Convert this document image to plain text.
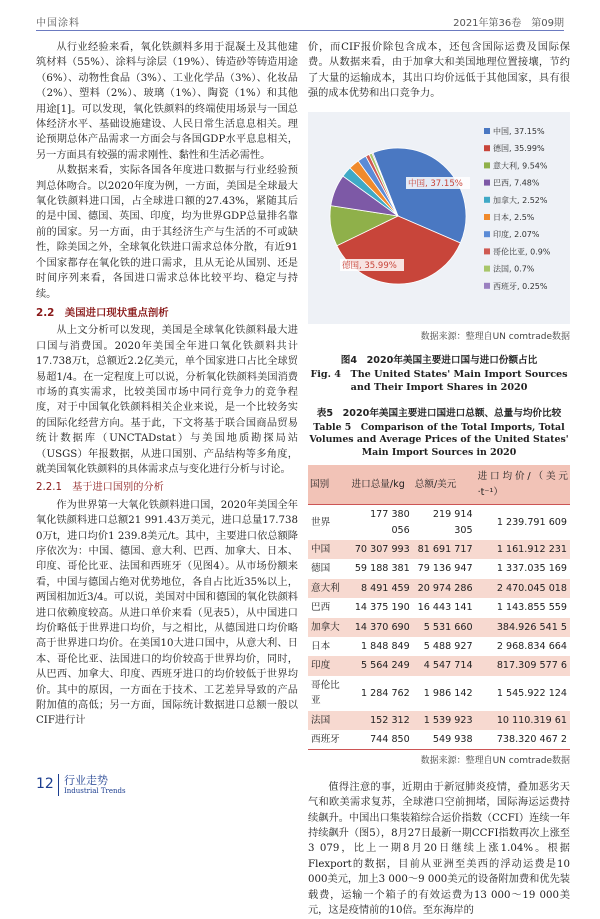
中国涂料	2021年第36卷　第09期

从行业经验来看，氧化铁颜料多用于混凝土及其他建筑材料（55%）、涂料与涂层（19%）、铸造砂等铸造用途（6%）、动物性食品（3%）、工业化学品（3%）、化妆品（2%）、塑料（2%）、玻璃（1%）、陶瓷（1%）和其他用途[1]。可以发现，氧化铁颜料的终端使用场景与一国总体经济水平、基础设施建设、人民日常生活息息相关。理论预期总体产品需求一方面会与各国GDP水平息息相关，另一方面具有较强的需求刚性、黏性和生活必需性。

从数据来看，实际各国各年度进口数据与行业经验预判总体吻合。以2020年度为例，一方面，美国是全球最大氧化铁颜料进口国，占全球进口额的27.43%，紧随其后的是中国、德国、英国、印度，均为世界GDP总量排名靠前的国家。另一方面，由于其经济生产与生活的不可或缺性，除美国之外，全球氧化铁进口需求总体分散，有近91个国家都存在氧化铁的进口需求，且从无论从国别、还是时间序列来看，各国进口需求总体比较平均、稳定与持续。

2.2　美国进口现状重点剖析

从上文分析可以发现，美国是全球氧化铁颜料最大进口国与消费国。2020年美国全年进口氧化铁颜料共计17.738万t，总额近2.2亿美元，单个国家进口占比全球贸易超1/4。在一定程度上可以说，分析氧化铁颜料美国消费市场的真实需求，比较美国市场中同行竞争力的竞争程度，对于中国氧化铁颜料相关企业来说，是一个比较务实的国际化经营方向。基于此，下文将基于联合国商品贸易统计数据库（UNCTADstat）与美国地质勘探局站（USGS）年报数据，从进口国别、产品结构等多角度，就美国氧化铁颜料的具体需求点与变化进行分析与讨论。

2.2.1　基于进口国别的分析

作为世界第一大氧化铁颜料进口国，2020年美国全年氧化铁颜料进口总额21 991.43万美元，进口总量17.738 0万t，进口均价1 239.8美元/t。其中，主要进口依总额降序依次为：中国、德国、意大利、巴西、加拿大、日本、印度、哥伦比亚、法国和西班牙（见图4）。从市场份额来看，中国与德国占绝对优势地位，各自占比近35%以上，两国相加近3/4。可以说，美国对中国和德国的氧化铁颜料进口依赖度较高。从进口单价来看（见表5），从中国进口均价略低于世界进口均价，与之相比，从德国进口均价略高于世界进口均价。在美国10大进口国中，从意大利、日本、哥伦比亚、法国进口的均价较高于世界均价，同时，从巴西、加拿大、印度、西班牙进口的均价较低于世界均价。其中的原因，一方面在于技术、工艺差异导致的产品附加值的高低；另一方面，国际统计数据进口总额一般以CIF进行计

价，而CIF报价除包含成本，还包含国际运费及国际保费。从数据来看，由于加拿大和美国地理位置接壤，节约了大量的运输成本，其出口均价远低于其他国家，具有很强的成本优势和出口竞争力。

中国, 37.15%
德国, 35.99%
中国, 37.15%
德国, 35.99%
意大利, 9.54%
巴西, 7.48%
加拿大, 2.52%
日本, 2.5%
印度, 2.07%
哥伦比亚, 0.9%
法国, 0.7%
西班牙, 0.25%
数据来源：整理自UN comtrade数据
图4　2020年美国主要进口国与进口份额占比
Fig. 4　The United States' Main Import Sources and Their Import Shares in 2020
表5　2020年美国主要进口国进口总额、总量与均价比较
Table 5　Comparison of the Total Imports, Total Volumes and Average Prices of the United States' Main Import Sources in 2020
国别	进口总量/kg	总额/美元	进口均价/（美元·t⁻¹）
世界	177 380 056	219 914 305	1 239.791 609
中国	70 307 993	81 691 717	1 161.912 231
德国	59 188 381	79 136 947	1 337.035 169
意大利	8 491 459	20 974 286	2 470.045 018
巴西	14 375 190	16 443 141	1 143.855 559
加拿大	14 370 690	5 531 660	384.926 541 5
日本	1 848 849	5 488 927	2 968.834 664
印度	5 564 249	4 547 714	817.309 577 6
哥伦比亚	1 284 762	1 986 142	1 545.922 124
法国	152 312	1 539 923	10 110.319 61
西班牙	744 850	549 938	738.320 467 2
数据来源：整理自UN comtrade数据

值得注意的事，近期由于新冠肺炎疫情，叠加恶劣天气和欧美需求复苏，全球港口空前拥堵，国际海运运费持续飙升。中国出口集装箱综合运价指数（CCFI）连续一年持续飙升（图5），8月27日最新一期CCFI指数再次上涨至3 079，比上一期8月20日继续上涨1.04%。根据Flexport的数据，目前从亚洲至美西的浮动运费是10 000美元，加上3 000～9 000美元的设备附加费和优先装载费，运输一个箱子的有效运费为13 000～19 000美元，这是疫情前的10倍。至东海岸的

12 行业走势
Industrial Trends
